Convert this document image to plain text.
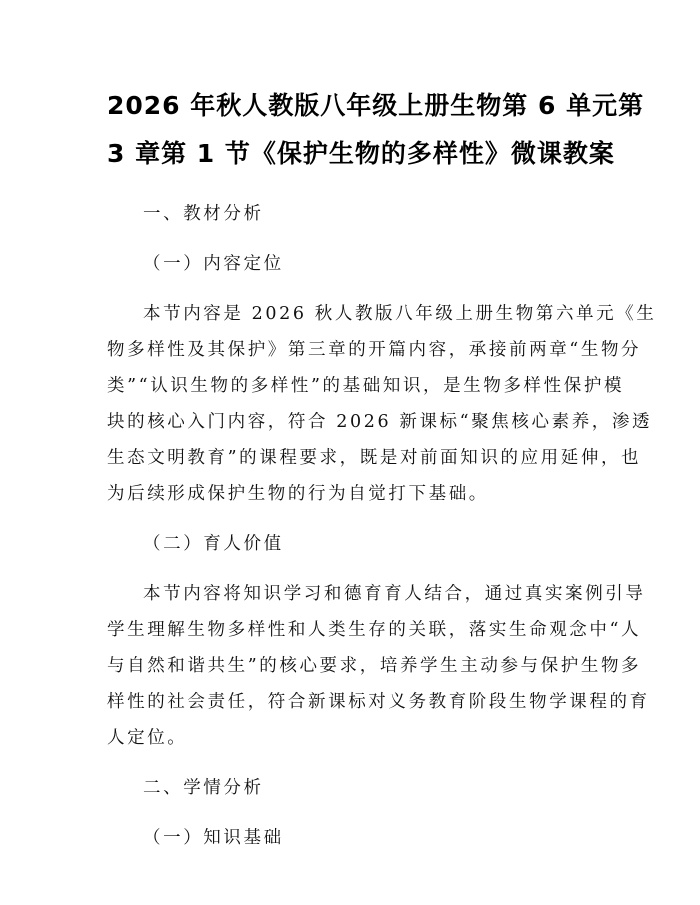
2026 年秋人教版八年级上册生物第 6 单元第
3 章第 1 节《保护生物的多样性》微课教案

一、教材分析

（一）内容定位

本节内容是 2026 秋人教版八年级上册生物第六单元《生
物多样性及其保护》第三章的开篇内容，承接前两章“生物分
类”“认识生物的多样性”的基础知识，是生物多样性保护模
块的核心入门内容，符合 2026 新课标“聚焦核心素养，渗透
生态文明教育”的课程要求，既是对前面知识的应用延伸，也
为后续形成保护生物的行为自觉打下基础。

（二）育人价值

本节内容将知识学习和德育育人结合，通过真实案例引导
学生理解生物多样性和人类生存的关联，落实生命观念中“人
与自然和谐共生”的核心要求，培养学生主动参与保护生物多
样性的社会责任，符合新课标对义务教育阶段生物学课程的育
人定位。

二、学情分析

（一）知识基础
